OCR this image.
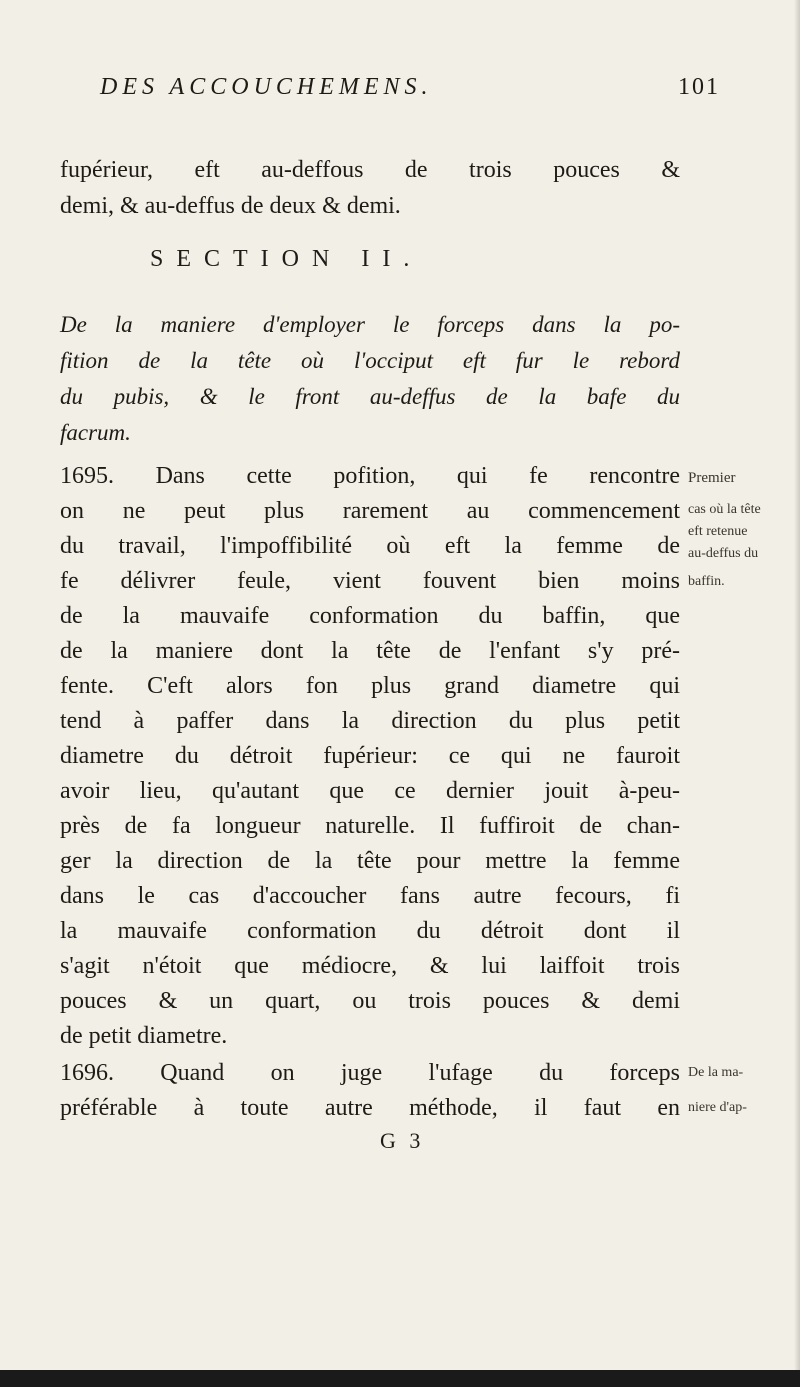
DES ACCOUCHEMENS.	101
fupérieur, eft au-deffous de trois pouces &
demi, & au-deffus de deux & demi.
SECTION II.
De la maniere d'employer le forceps dans la po-
fition de la tête où l'occiput eft fur le rebord
du pubis, & le front au-deffus de la bafe du
facrum.
1695. Dans cette pofition, qui fe rencontre
on ne peut plus rarement au commencement
du travail, l'impoffibilité où eft la femme de
fe délivrer feule, vient fouvent bien moins
de la mauvaife conformation du baffin, que
de la maniere dont la tête de l'enfant s'y pré-
fente. C'eft alors fon plus grand diametre qui
tend à paffer dans la direction du plus petit
diametre du détroit fupérieur: ce qui ne fauroit
avoir lieu, qu'autant que ce dernier jouit à-peu-
près de fa longueur naturelle. Il fuffiroit de chan-
ger la direction de la tête pour mettre la femme
dans le cas d'accoucher fans autre fecours, fi
la mauvaife conformation du détroit dont il
s'agit n'étoit que médiocre, & lui laiffoit trois
pouces & un quart, ou trois pouces & demi
de petit diametre.
1696. Quand on juge l'ufage du forceps
préférable à toute autre méthode, il faut en
Premier
cas où la tête
eft retenue
au-deffus du
baffin.
De la ma-
niere d'ap-
G 3
